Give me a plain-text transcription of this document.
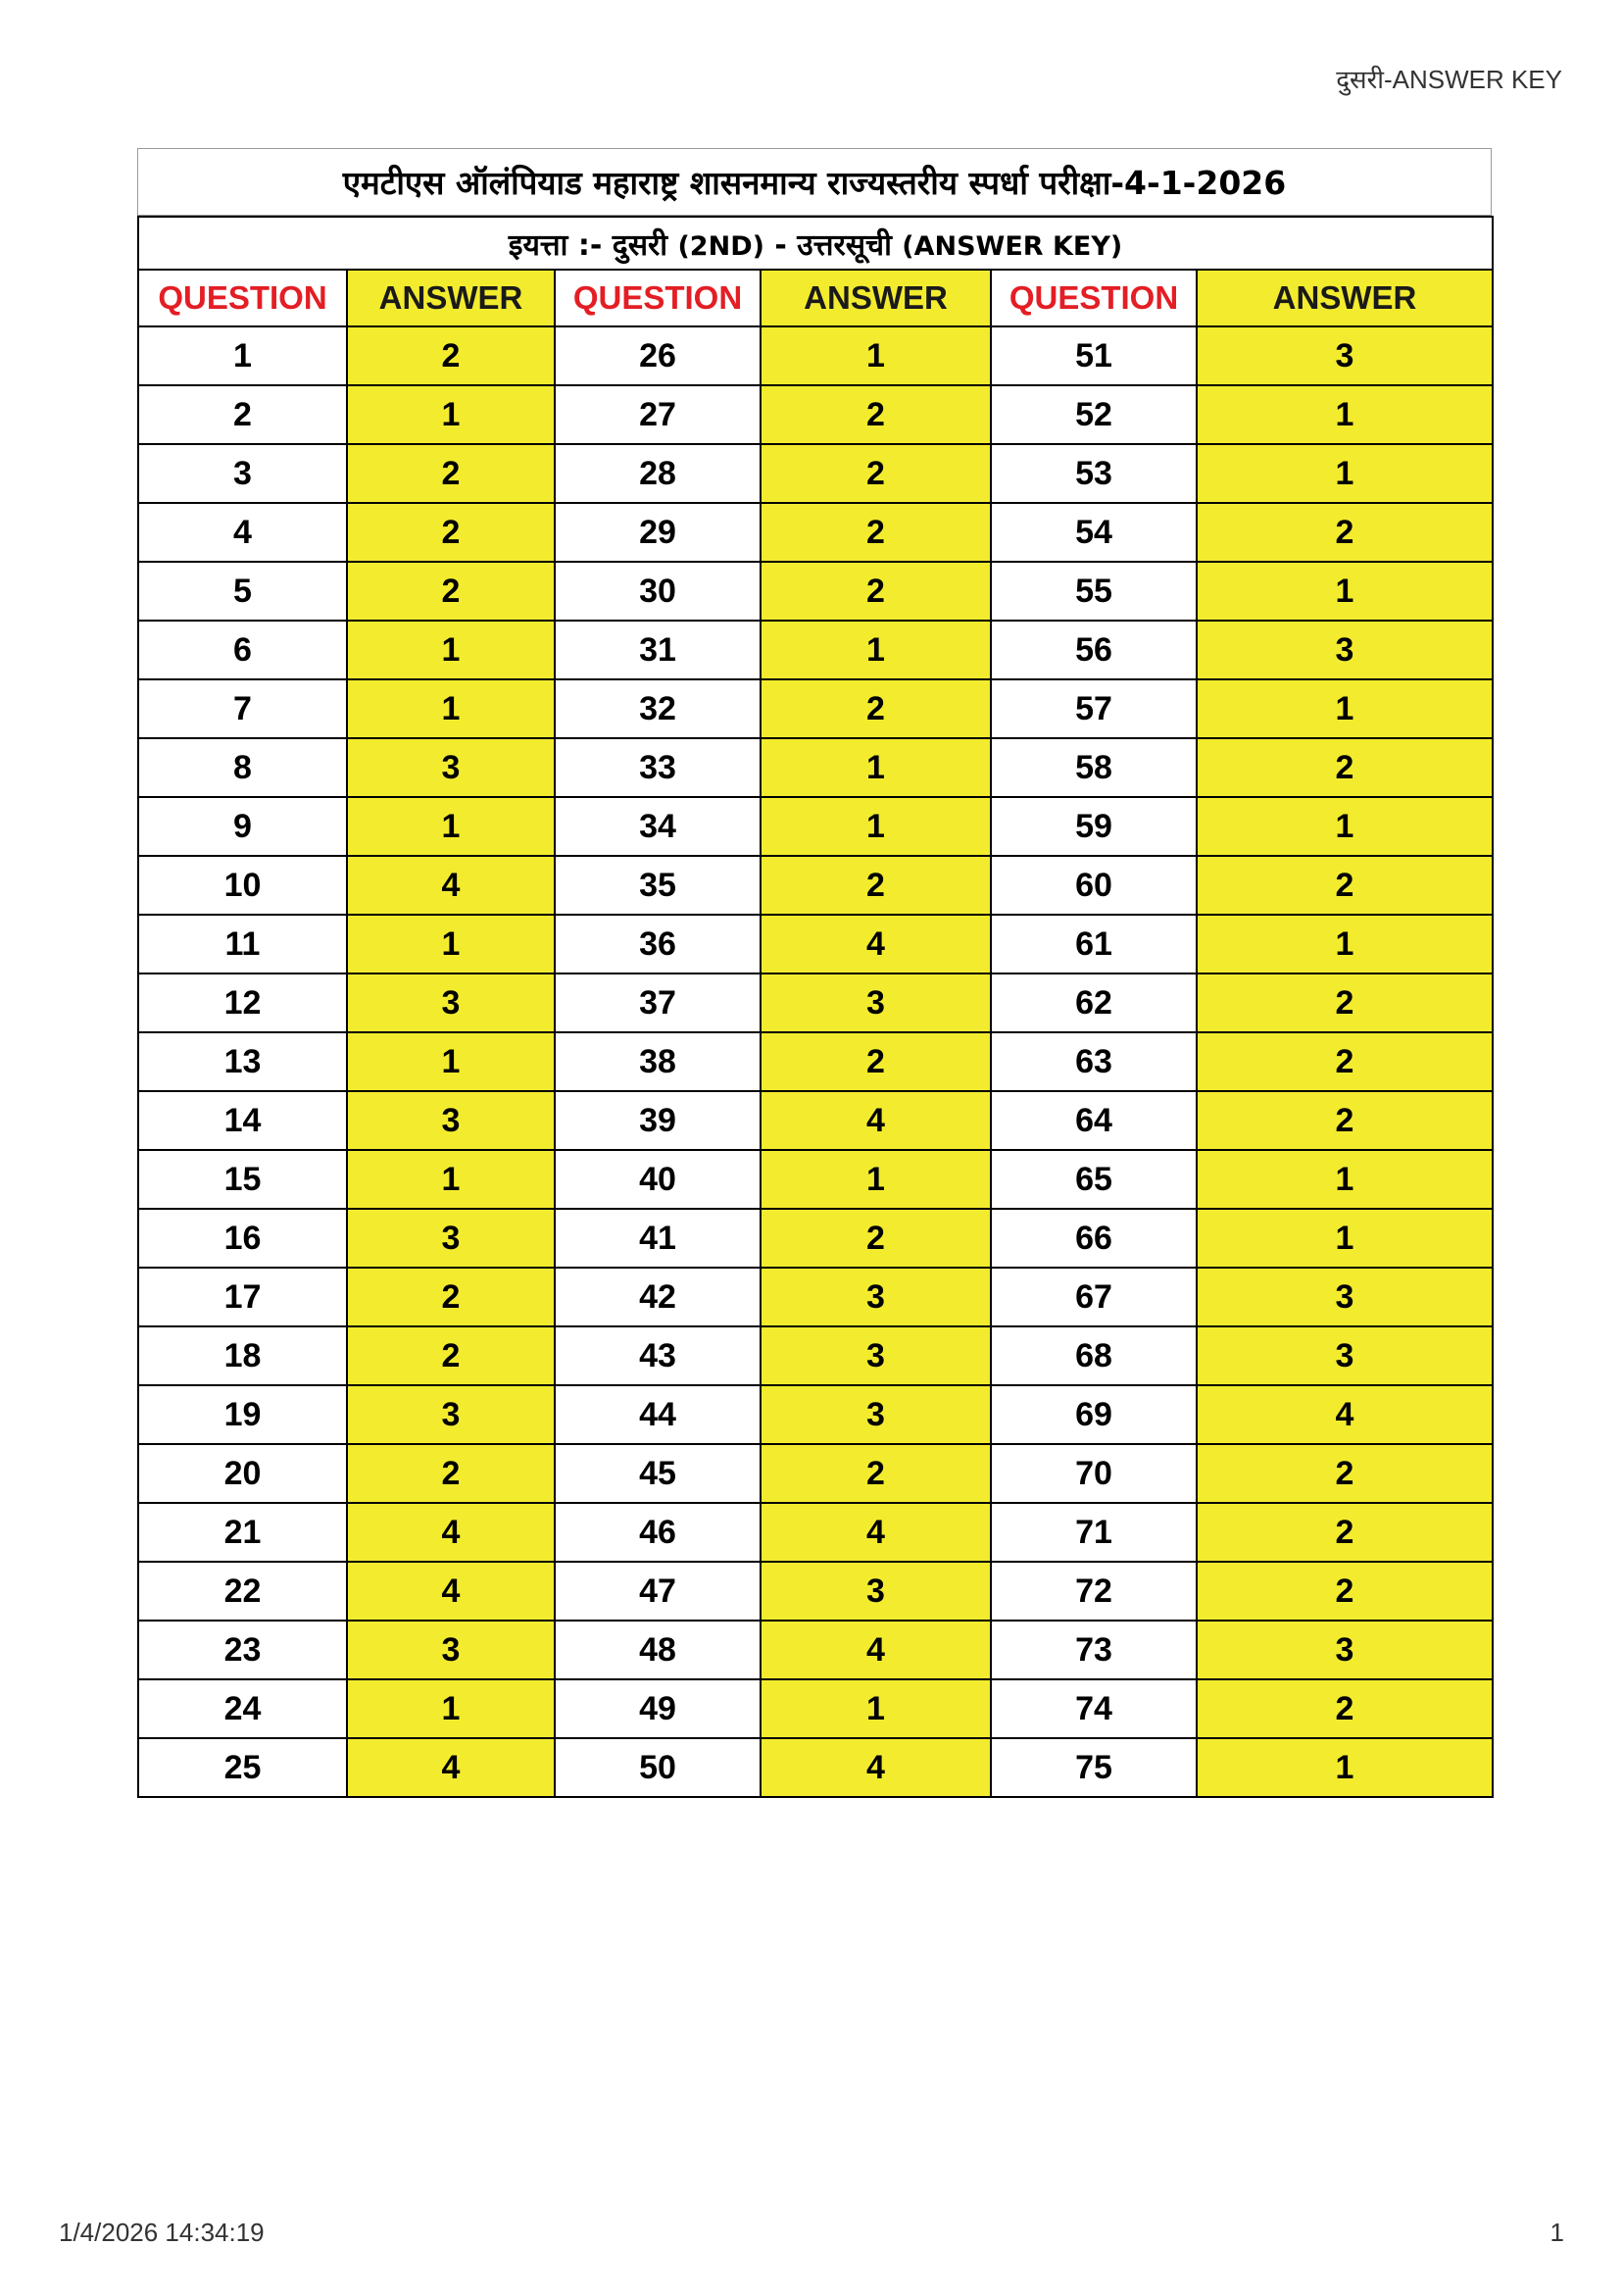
दुसरी-ANSWER KEY
एमटीएस ऑलंपियाड महाराष्ट्र शासनमान्य राज्यस्तरीय स्पर्धा परीक्षा-4-1-2026
इयत्ता :- दुसरी (2ND) - उत्तरसूची (ANSWER KEY)					
QUESTION	ANSWER	QUESTION	ANSWER	QUESTION	ANSWER
1	2	26	1	51	3
2	1	27	2	52	1
3	2	28	2	53	1
4	2	29	2	54	2
5	2	30	2	55	1
6	1	31	1	56	3
7	1	32	2	57	1
8	3	33	1	58	2
9	1	34	1	59	1
10	4	35	2	60	2
11	1	36	4	61	1
12	3	37	3	62	2
13	1	38	2	63	2
14	3	39	4	64	2
15	1	40	1	65	1
16	3	41	2	66	1
17	2	42	3	67	3
18	2	43	3	68	3
19	3	44	3	69	4
20	2	45	2	70	2
21	4	46	4	71	2
22	4	47	3	72	2
23	3	48	4	73	3
24	1	49	1	74	2
25	4	50	4	75	1
1/4/2026 14:34:19	1
